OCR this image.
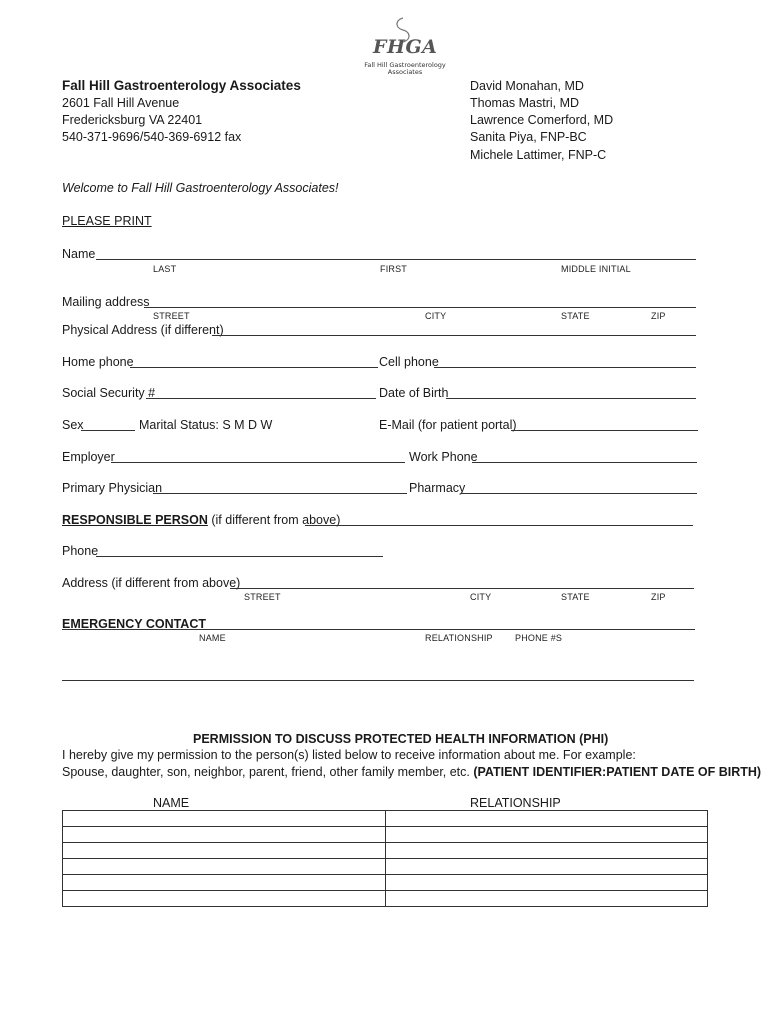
FHGA
Fall Hill Gastroenterology
Associates
Fall Hill Gastroenterology Associates
2601 Fall Hill Avenue
Fredericksburg VA 22401
540-371-9696/540-369-6912 fax
David Monahan, MD
Thomas Mastri, MD
Lawrence Comerford, MD
Sanita Piya, FNP-BC
Michele Lattimer, FNP-C
Welcome to Fall Hill Gastroenterology Associates!
PLEASE PRINT
Name
LAST	FIRST	MIDDLE INITIAL
Mailing address
STREET	CITY	STATE	ZIP
Physical Address (if different)
Home phone	Cell phone
Social Security #	Date of Birth
Sex	Marital Status: S M D W	E-Mail (for patient portal)
Employer	Work Phone
Primary Physician	Pharmacy
RESPONSIBLE PERSON (if different from above)
Phone
Address (if different from above)
STREET	CITY	STATE	ZIP
EMERGENCY CONTACT
NAME	RELATIONSHIP PHONE #S
PERMISSION TO DISCUSS PROTECTED HEALTH INFORMATION (PHI)
I hereby give my permission to the person(s) listed below to receive information about me. For example:
Spouse, daughter, son, neighbor, parent, friend, other family member, etc. (PATIENT IDENTIFIER:PATIENT DATE OF BIRTH)
NAME	RELATIONSHIP
